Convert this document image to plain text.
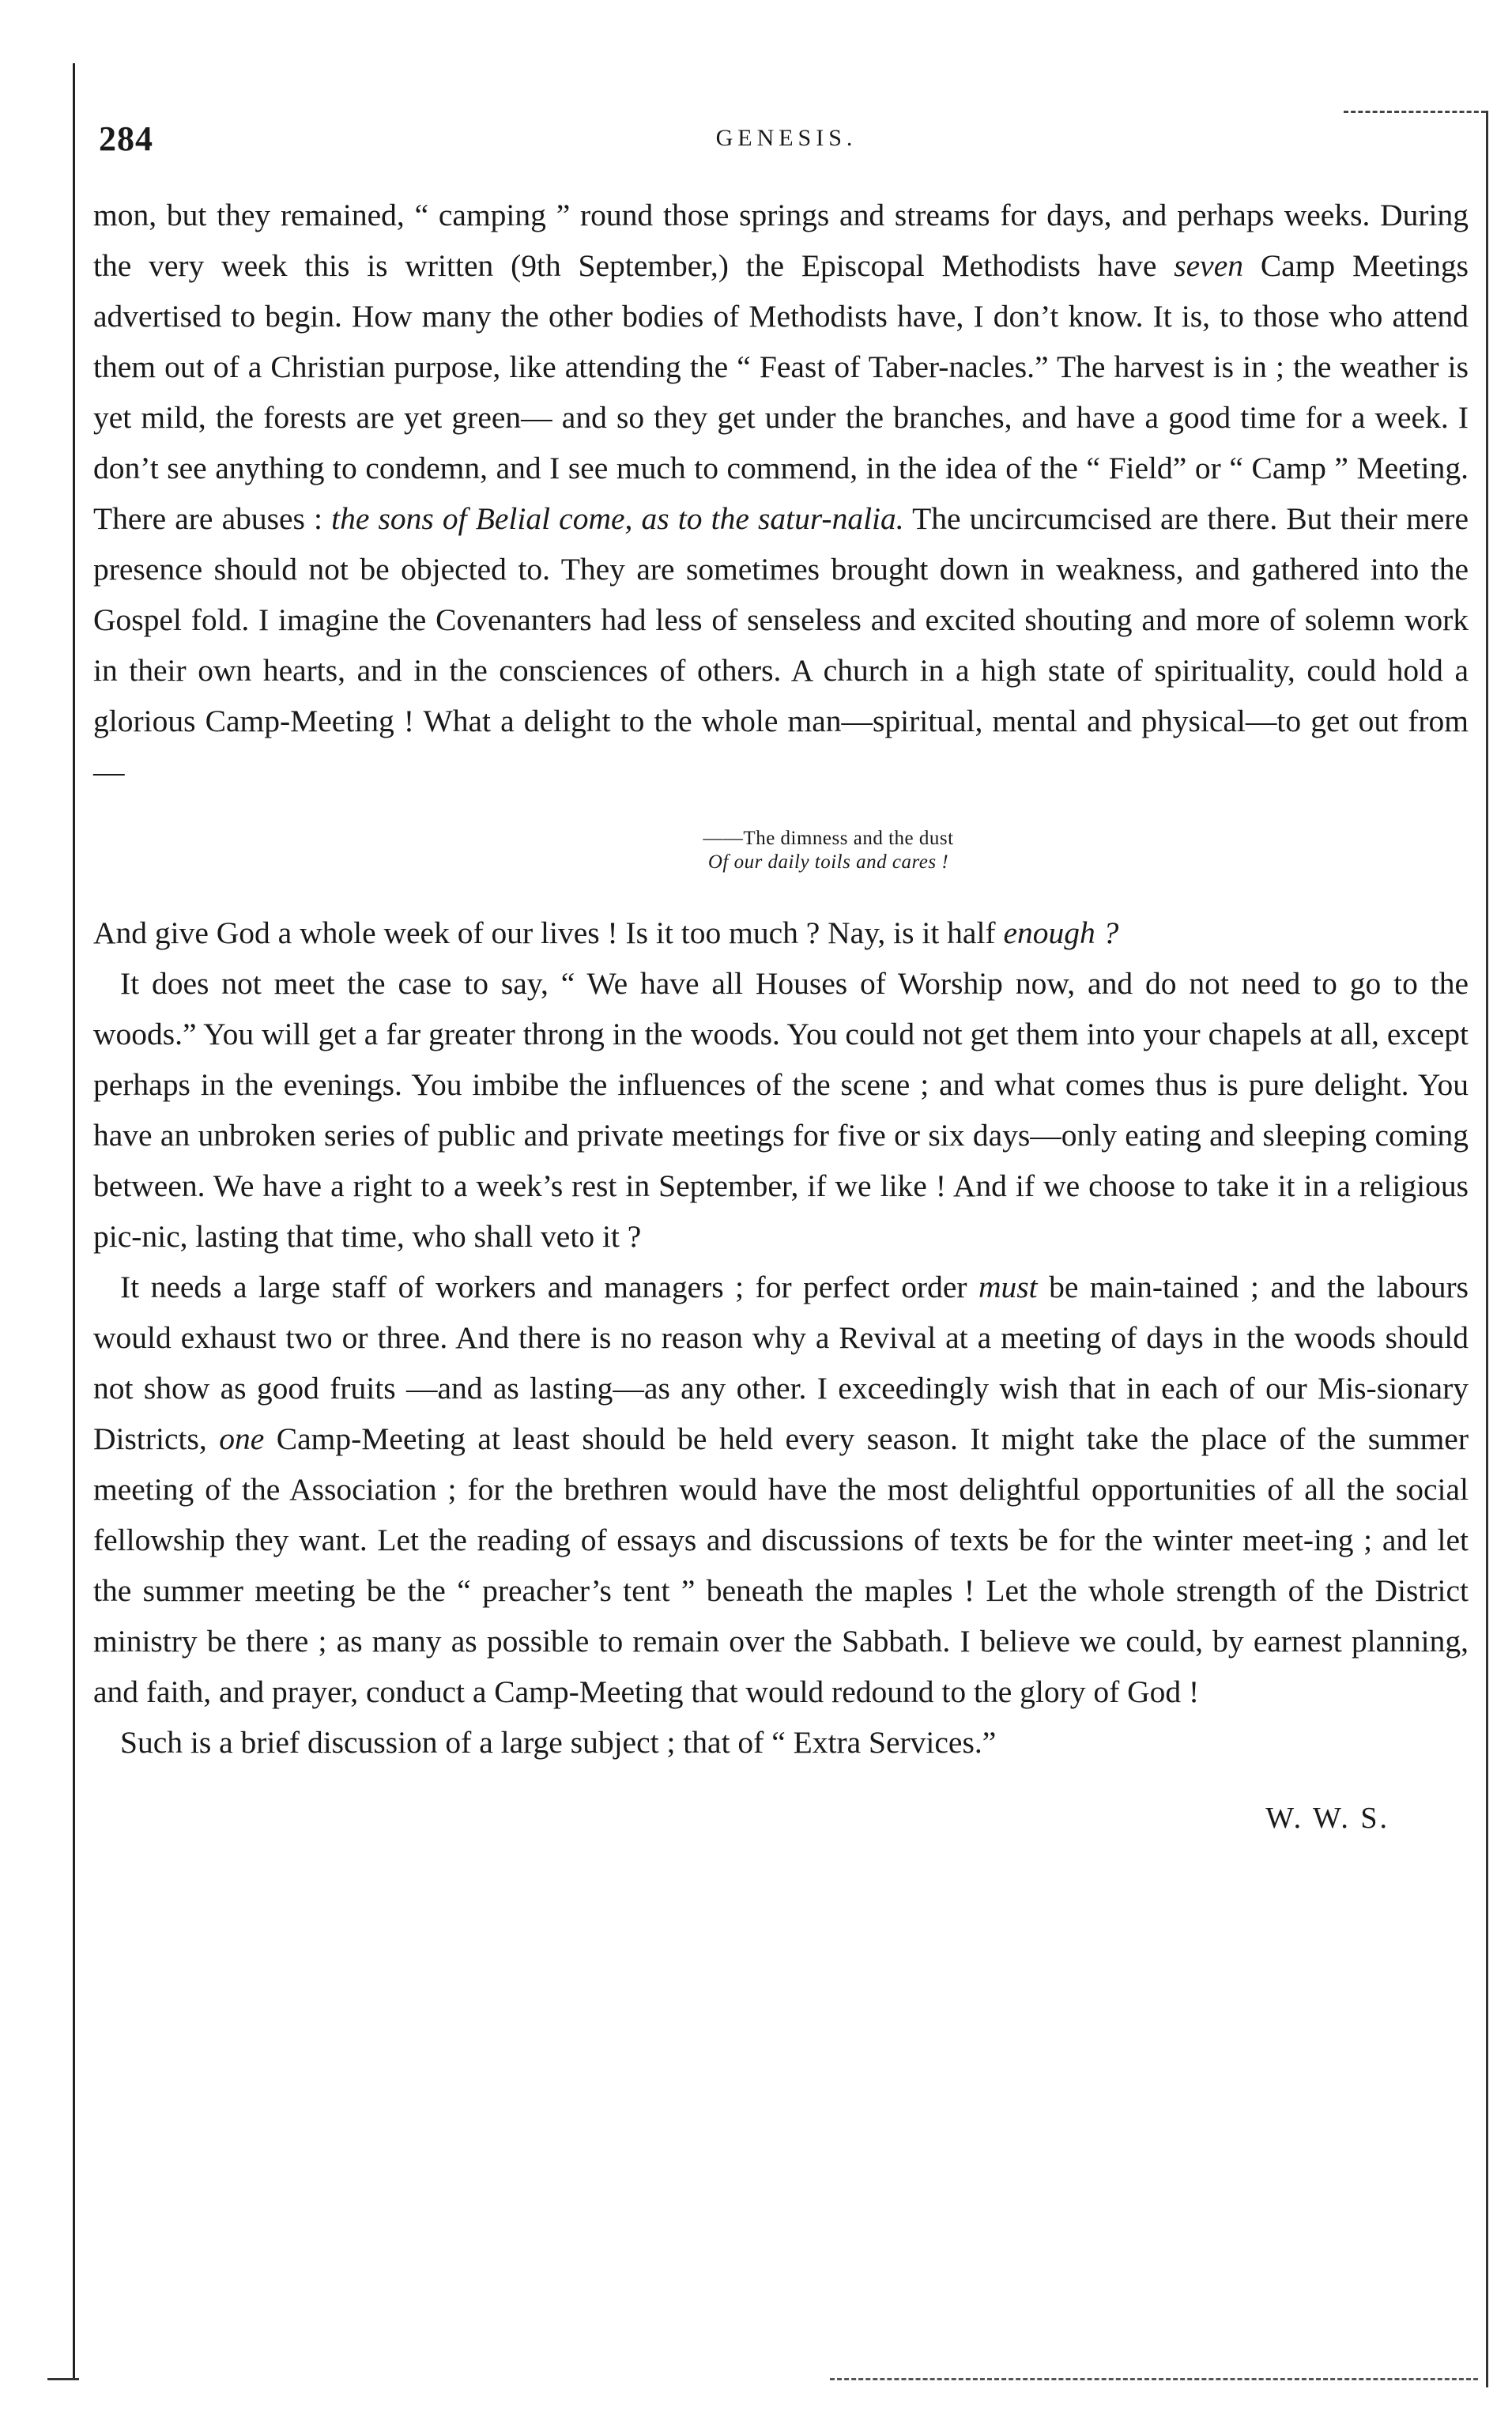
284	GENESIS.

mon, but they remained, “ camping ” round those springs and streams for days, and perhaps weeks. During the very week this is written (9th September,) the Episcopal Methodists have seven Camp Meetings advertised to begin. How many the other bodies of Methodists have, I don’t know. It is, to those who attend them out of a Christian purpose, like attending the “ Feast of Taber-nacles.” The harvest is in ; the weather is yet mild, the forests are yet green— and so they get under the branches, and have a good time for a week. I don’t see anything to condemn, and I see much to commend, in the idea of the “ Field” or “ Camp ” Meeting. There are abuses : the sons of Belial come, as to the satur-nalia. The uncircumcised are there. But their mere presence should not be objected to. They are sometimes brought down in weakness, and gathered into the Gospel fold. I imagine the Covenanters had less of senseless and excited shouting and more of solemn work in their own hearts, and in the consciences of others. A church in a high state of spirituality, could hold a glorious Camp-Meeting ! What a delight to the whole man—spiritual, mental and physical—to get out from—

——The dimness and the dust
Of our daily toils and cares !

And give God a whole week of our lives ! Is it too much ? Nay, is it half enough ?

It does not meet the case to say, “ We have all Houses of Worship now, and do not need to go to the woods.” You will get a far greater throng in the woods. You could not get them into your chapels at all, except perhaps in the evenings. You imbibe the influences of the scene ; and what comes thus is pure delight. You have an unbroken series of public and private meetings for five or six days—only eating and sleeping coming between. We have a right to a week’s rest in September, if we like ! And if we choose to take it in a religious pic-nic, lasting that time, who shall veto it ?

It needs a large staff of workers and managers ; for perfect order must be main-tained ; and the labours would exhaust two or three. And there is no reason why a Revival at a meeting of days in the woods should not show as good fruits —and as lasting—as any other. I exceedingly wish that in each of our Mis-sionary Districts, one Camp-Meeting at least should be held every season. It might take the place of the summer meeting of the Association ; for the brethren would have the most delightful opportunities of all the social fellowship they want. Let the reading of essays and discussions of texts be for the winter meet-ing ; and let the summer meeting be the “ preacher’s tent ” beneath the maples ! Let the whole strength of the District ministry be there ; as many as possible to remain over the Sabbath. I believe we could, by earnest planning, and faith, and prayer, conduct a Camp-Meeting that would redound to the glory of God !

Such is a brief discussion of a large subject ; that of “ Extra Services.”

W. W. S.
